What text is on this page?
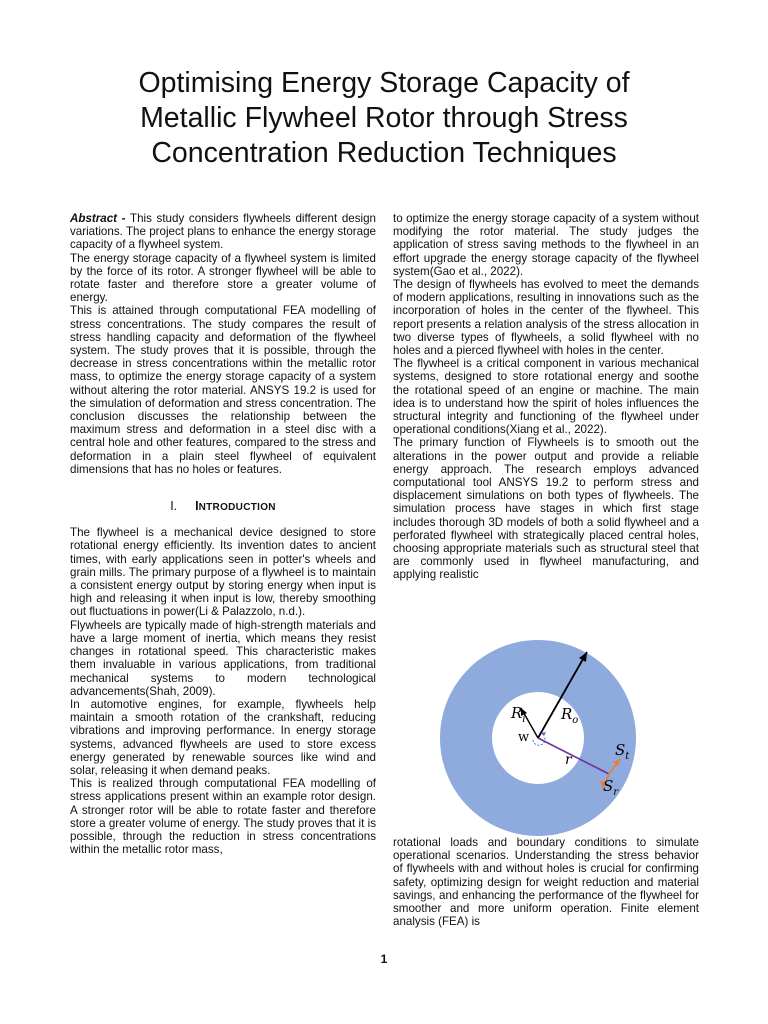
Optimising Energy Storage Capacity of
Metallic Flywheel Rotor through Stress
Concentration Reduction Techniques

Abstract - This study considers flywheels different design variations. The project plans to enhance the energy storage capacity of a flywheel system.

The energy storage capacity of a flywheel system is limited by the force of its rotor. A stronger flywheel will be able to rotate faster and therefore store a greater volume of energy.

This is attained through computational FEA modelling of stress concentrations. The study compares the result of stress handling capacity and deformation of the flywheel system. The study proves that it is possible, through the decrease in stress concentrations within the metallic rotor mass, to optimize the energy storage capacity of a system without altering the rotor material. ANSYS 19.2 is used for the simulation of deformation and stress concentration. The conclusion discusses the relationship between the maximum stress and deformation in a steel disc with a central hole and other features, compared to the stress and deformation in a plain steel flywheel of equivalent dimensions that has no holes or features.

I. INTRODUCTION

The flywheel is a mechanical device designed to store rotational energy efficiently. Its invention dates to ancient times, with early applications seen in potter's wheels and grain mills. The primary purpose of a flywheel is to maintain a consistent energy output by storing energy when input is high and releasing it when input is low, thereby smoothing out fluctuations in power(Li & Palazzolo, n.d.).

Flywheels are typically made of high-strength materials and have a large moment of inertia, which means they resist changes in rotational speed. This characteristic makes them invaluable in various applications, from traditional mechanical systems to modern technological advancements(Shah, 2009).

In automotive engines, for example, flywheels help maintain a smooth rotation of the crankshaft, reducing vibrations and improving performance. In energy storage systems, advanced flywheels are used to store excess energy generated by renewable sources like wind and solar, releasing it when demand peaks.

This is realized through computational FEA modelling of stress applications present within an example rotor design. A stronger rotor will be able to rotate faster and therefore store a greater volume of energy. The study proves that it is possible, through the reduction in stress concentrations within the metallic rotor mass,

to optimize the energy storage capacity of a system without modifying the rotor material. The study judges the application of stress saving methods to the flywheel in an effort upgrade the energy storage capacity of the flywheel system(Gao et al., 2022).

The design of flywheels has evolved to meet the demands of modern applications, resulting in innovations such as the incorporation of holes in the center of the flywheel. This report presents a relation analysis of the stress allocation in two diverse types of flywheels, a solid flywheel with no holes and a pierced flywheel with holes in the center.

The flywheel is a critical component in various mechanical systems, designed to store rotational energy and soothe the rotational speed of an engine or machine. The main idea is to understand how the spirit of holes influences the structural integrity and functioning of the flywheel under operational conditions(Xiang et al., 2022).

The primary function of Flywheels is to smooth out the alterations in the power output and provide a reliable energy approach. The research employs advanced computational tool ANSYS 19.2 to perform stress and displacement simulations on both types of flywheels. The simulation process have stages in which first stage includes thorough 3D models of both a solid flywheel and a perforated flywheel with strategically placed central holes, choosing appropriate materials such as structural steel that are commonly used in flywheel manufacturing, and applying realistic

rotational loads and boundary conditions to simulate operational scenarios. Understanding the stress behavior of flywheels with and without holes is crucial for confirming safety, optimizing design for weight reduction and material savings, and enhancing the performance of the flywheel for smoother and more uniform operation. Finite element analysis (FEA) is

$R_i$ $R_o$
w
r
$S_t$
$S_r$
1
